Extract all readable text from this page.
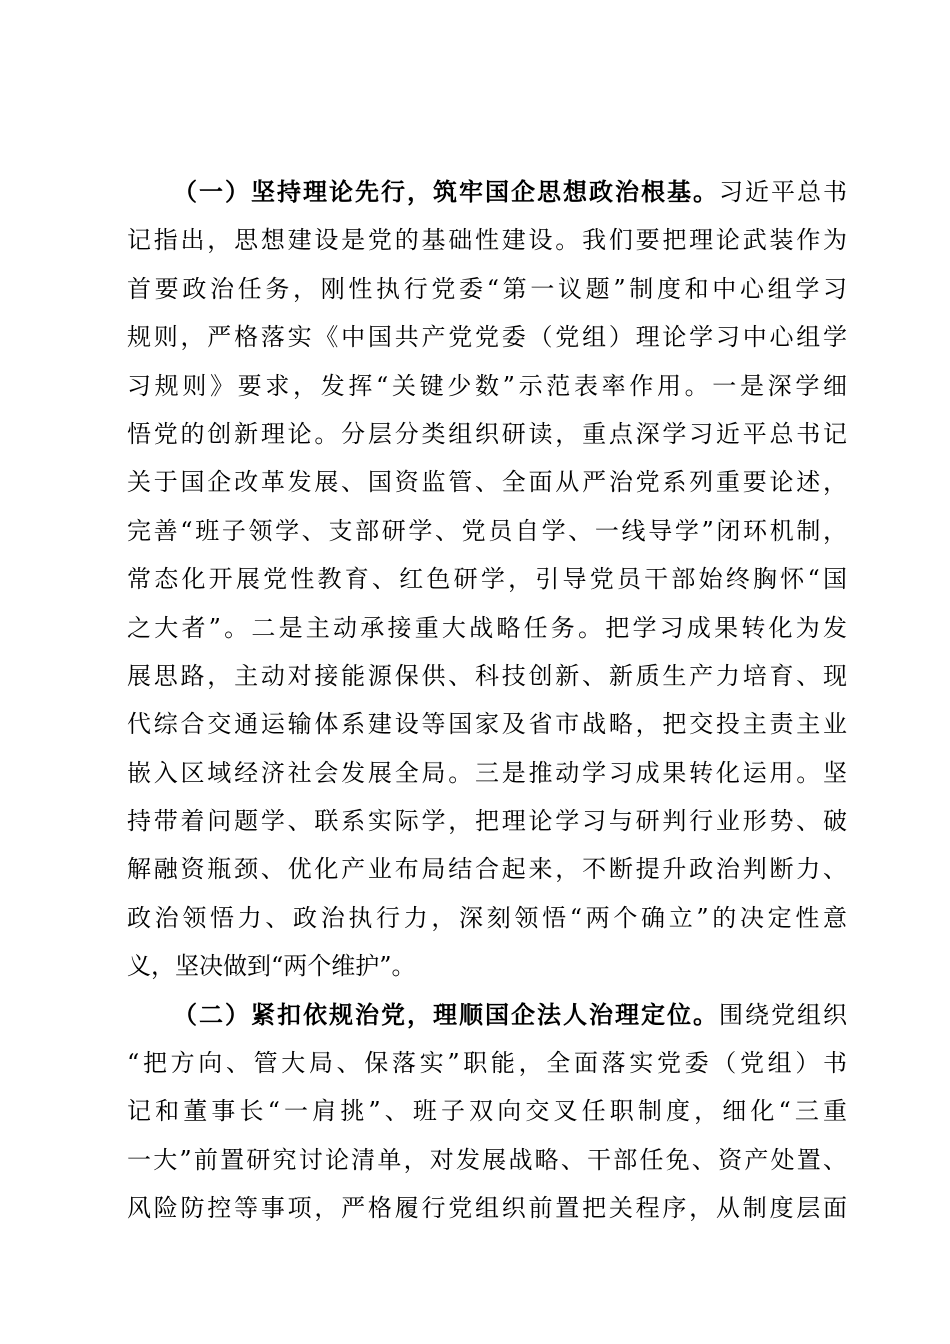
（一）坚持理论先行，筑牢国企思想政治根基。习近平总书
记指出，思想建设是党的基础性建设。我们要把理论武装作为
首要政治任务，刚性执行党委“第一议题”制度和中心组学习
规则，严格落实《中国共产党党委（党组）理论学习中心组学
习规则》要求，发挥“关键少数”示范表率作用。一是深学细
悟党的创新理论。分层分类组织研读，重点深学习近平总书记
关于国企改革发展、国资监管、全面从严治党系列重要论述，
完善“班子领学、支部研学、党员自学、一线导学”闭环机制，
常态化开展党性教育、红色研学，引导党员干部始终胸怀“国
之大者”。二是主动承接重大战略任务。把学习成果转化为发
展思路，主动对接能源保供、科技创新、新质生产力培育、现
代综合交通运输体系建设等国家及省市战略，把交投主责主业
嵌入区域经济社会发展全局。三是推动学习成果转化运用。坚
持带着问题学、联系实际学，把理论学习与研判行业形势、破
解融资瓶颈、优化产业布局结合起来，不断提升政治判断力、
政治领悟力、政治执行力，深刻领悟“两个确立”的决定性意
义，坚决做到“两个维护”。
（二）紧扣依规治党，理顺国企法人治理定位。围绕党组织
“把方向、管大局、保落实”职能，全面落实党委（党组）书
记和董事长“一肩挑”、班子双向交叉任职制度，细化“三重
一大”前置研究讨论清单，对发展战略、干部任免、资产处置、
风险防控等事项，严格履行党组织前置把关程序，从制度层面
